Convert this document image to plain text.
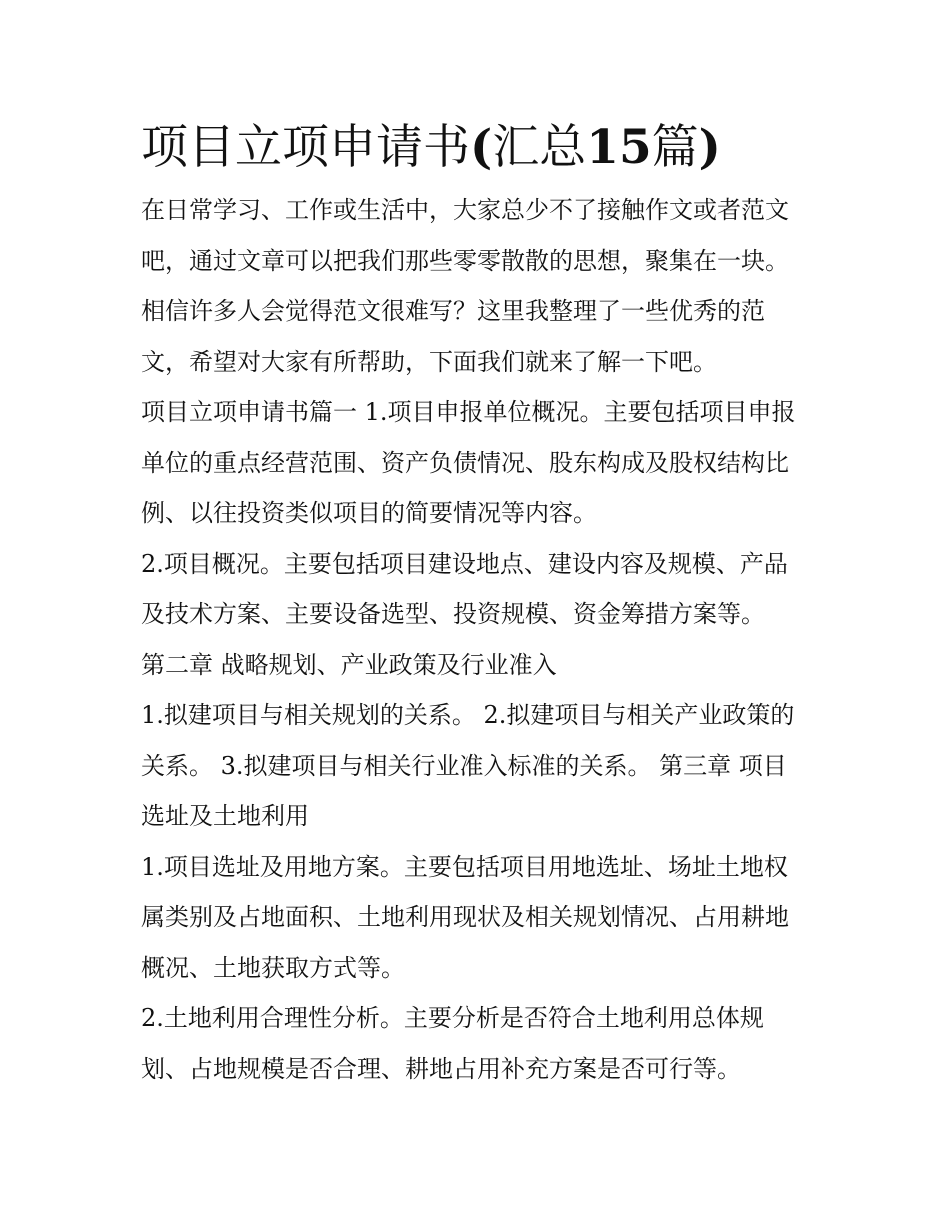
项目立项申请书(汇总15篇)

在日常学习、工作或生活中，大家总少不了接触作文或者范文
吧，通过文章可以把我们那些零零散散的思想，聚集在一块。
相信许多人会觉得范文很难写？这里我整理了一些优秀的范
文，希望对大家有所帮助，下面我们就来了解一下吧。

项目立项申请书篇一 1.项目申报单位概况。主要包括项目申报
单位的重点经营范围、资产负债情况、股东构成及股权结构比
例、以往投资类似项目的简要情况等内容。

2.项目概况。主要包括项目建设地点、建设内容及规模、产品
及技术方案、主要设备选型、投资规模、资金筹措方案等。

第二章 战略规划、产业政策及行业准入

1.拟建项目与相关规划的关系。 2.拟建项目与相关产业政策的
关系。 3.拟建项目与相关行业准入标准的关系。 第三章 项目
选址及土地利用

1.项目选址及用地方案。主要包括项目用地选址、场址土地权
属类别及占地面积、土地利用现状及相关规划情况、占用耕地
概况、土地获取方式等。

2.土地利用合理性分析。主要分析是否符合土地利用总体规
划、占地规模是否合理、耕地占用补充方案是否可行等。
